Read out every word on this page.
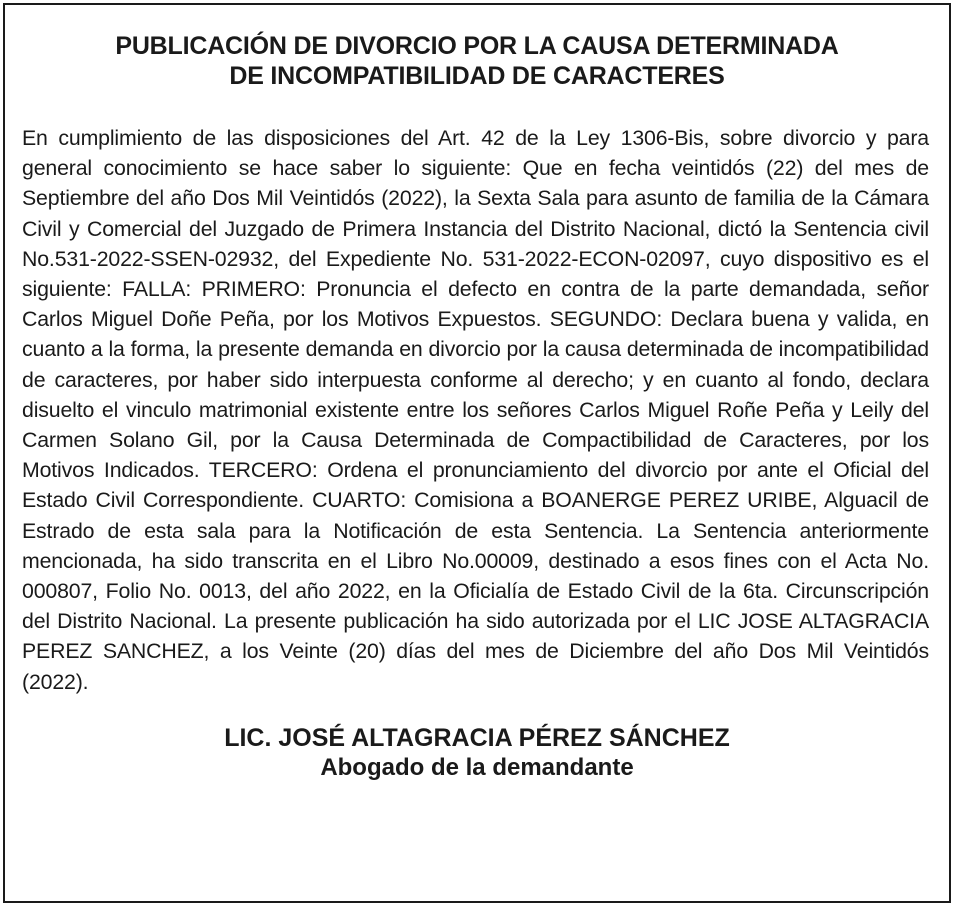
PUBLICACIÓN DE DIVORCIO POR LA CAUSA DETERMINADA
DE INCOMPATIBILIDAD DE CARACTERES

En cumplimiento de las disposiciones del Art. 42 de la Ley 1306-Bis, sobre divorcio y para general conocimiento se hace saber lo siguiente: Que en fecha veintidós (22) del mes de Septiembre del año Dos Mil Veintidós (2022), la Sexta Sala para asunto de familia de la Cámara Civil y Comercial del Juzgado de Primera Instancia del Distrito Nacional, dictó la Sentencia civil No.531-2022-SSEN-02932, del Expediente No. 531-2022-ECON-02097, cuyo dispositivo es el siguiente: FALLA: PRIMERO: Pronuncia el defecto en contra de la parte demandada, señor Carlos Miguel Doñe Peña, por los Motivos Expuestos. SEGUNDO: Declara buena y valida, en cuanto a la forma, la presente demanda en divorcio por la causa determinada de incompatibilidad de caracteres, por haber sido interpuesta conforme al derecho; y en cuanto al fondo, declara disuelto el vinculo matrimonial existente entre los señores Carlos Miguel Roñe Peña y Leily del Carmen Solano Gil, por la Causa Determinada de Compactibilidad de Caracteres, por los Motivos Indicados. TERCERO: Ordena el pronunciamiento del divorcio por ante el Oficial del Estado Civil Correspondiente. CUARTO: Comisiona a BOANERGE PEREZ URIBE, Alguacil de Estrado de esta sala para la Notificación de esta Sentencia. La Sentencia anteriormente mencionada, ha sido transcrita en el Libro No.00009, destinado a esos fines con el Acta No. 000807, Folio No. 0013, del año 2022, en la Oficialía de Estado Civil de la 6ta. Circunscripción del Distrito Nacional. La presente publicación ha sido autorizada por el LIC JOSE ALTAGRACIA PEREZ SANCHEZ, a los Veinte (20) días del mes de Diciembre del año Dos Mil Veintidós (2022).

LIC. JOSÉ ALTAGRACIA PÉREZ SÁNCHEZ
Abogado de la demandante
